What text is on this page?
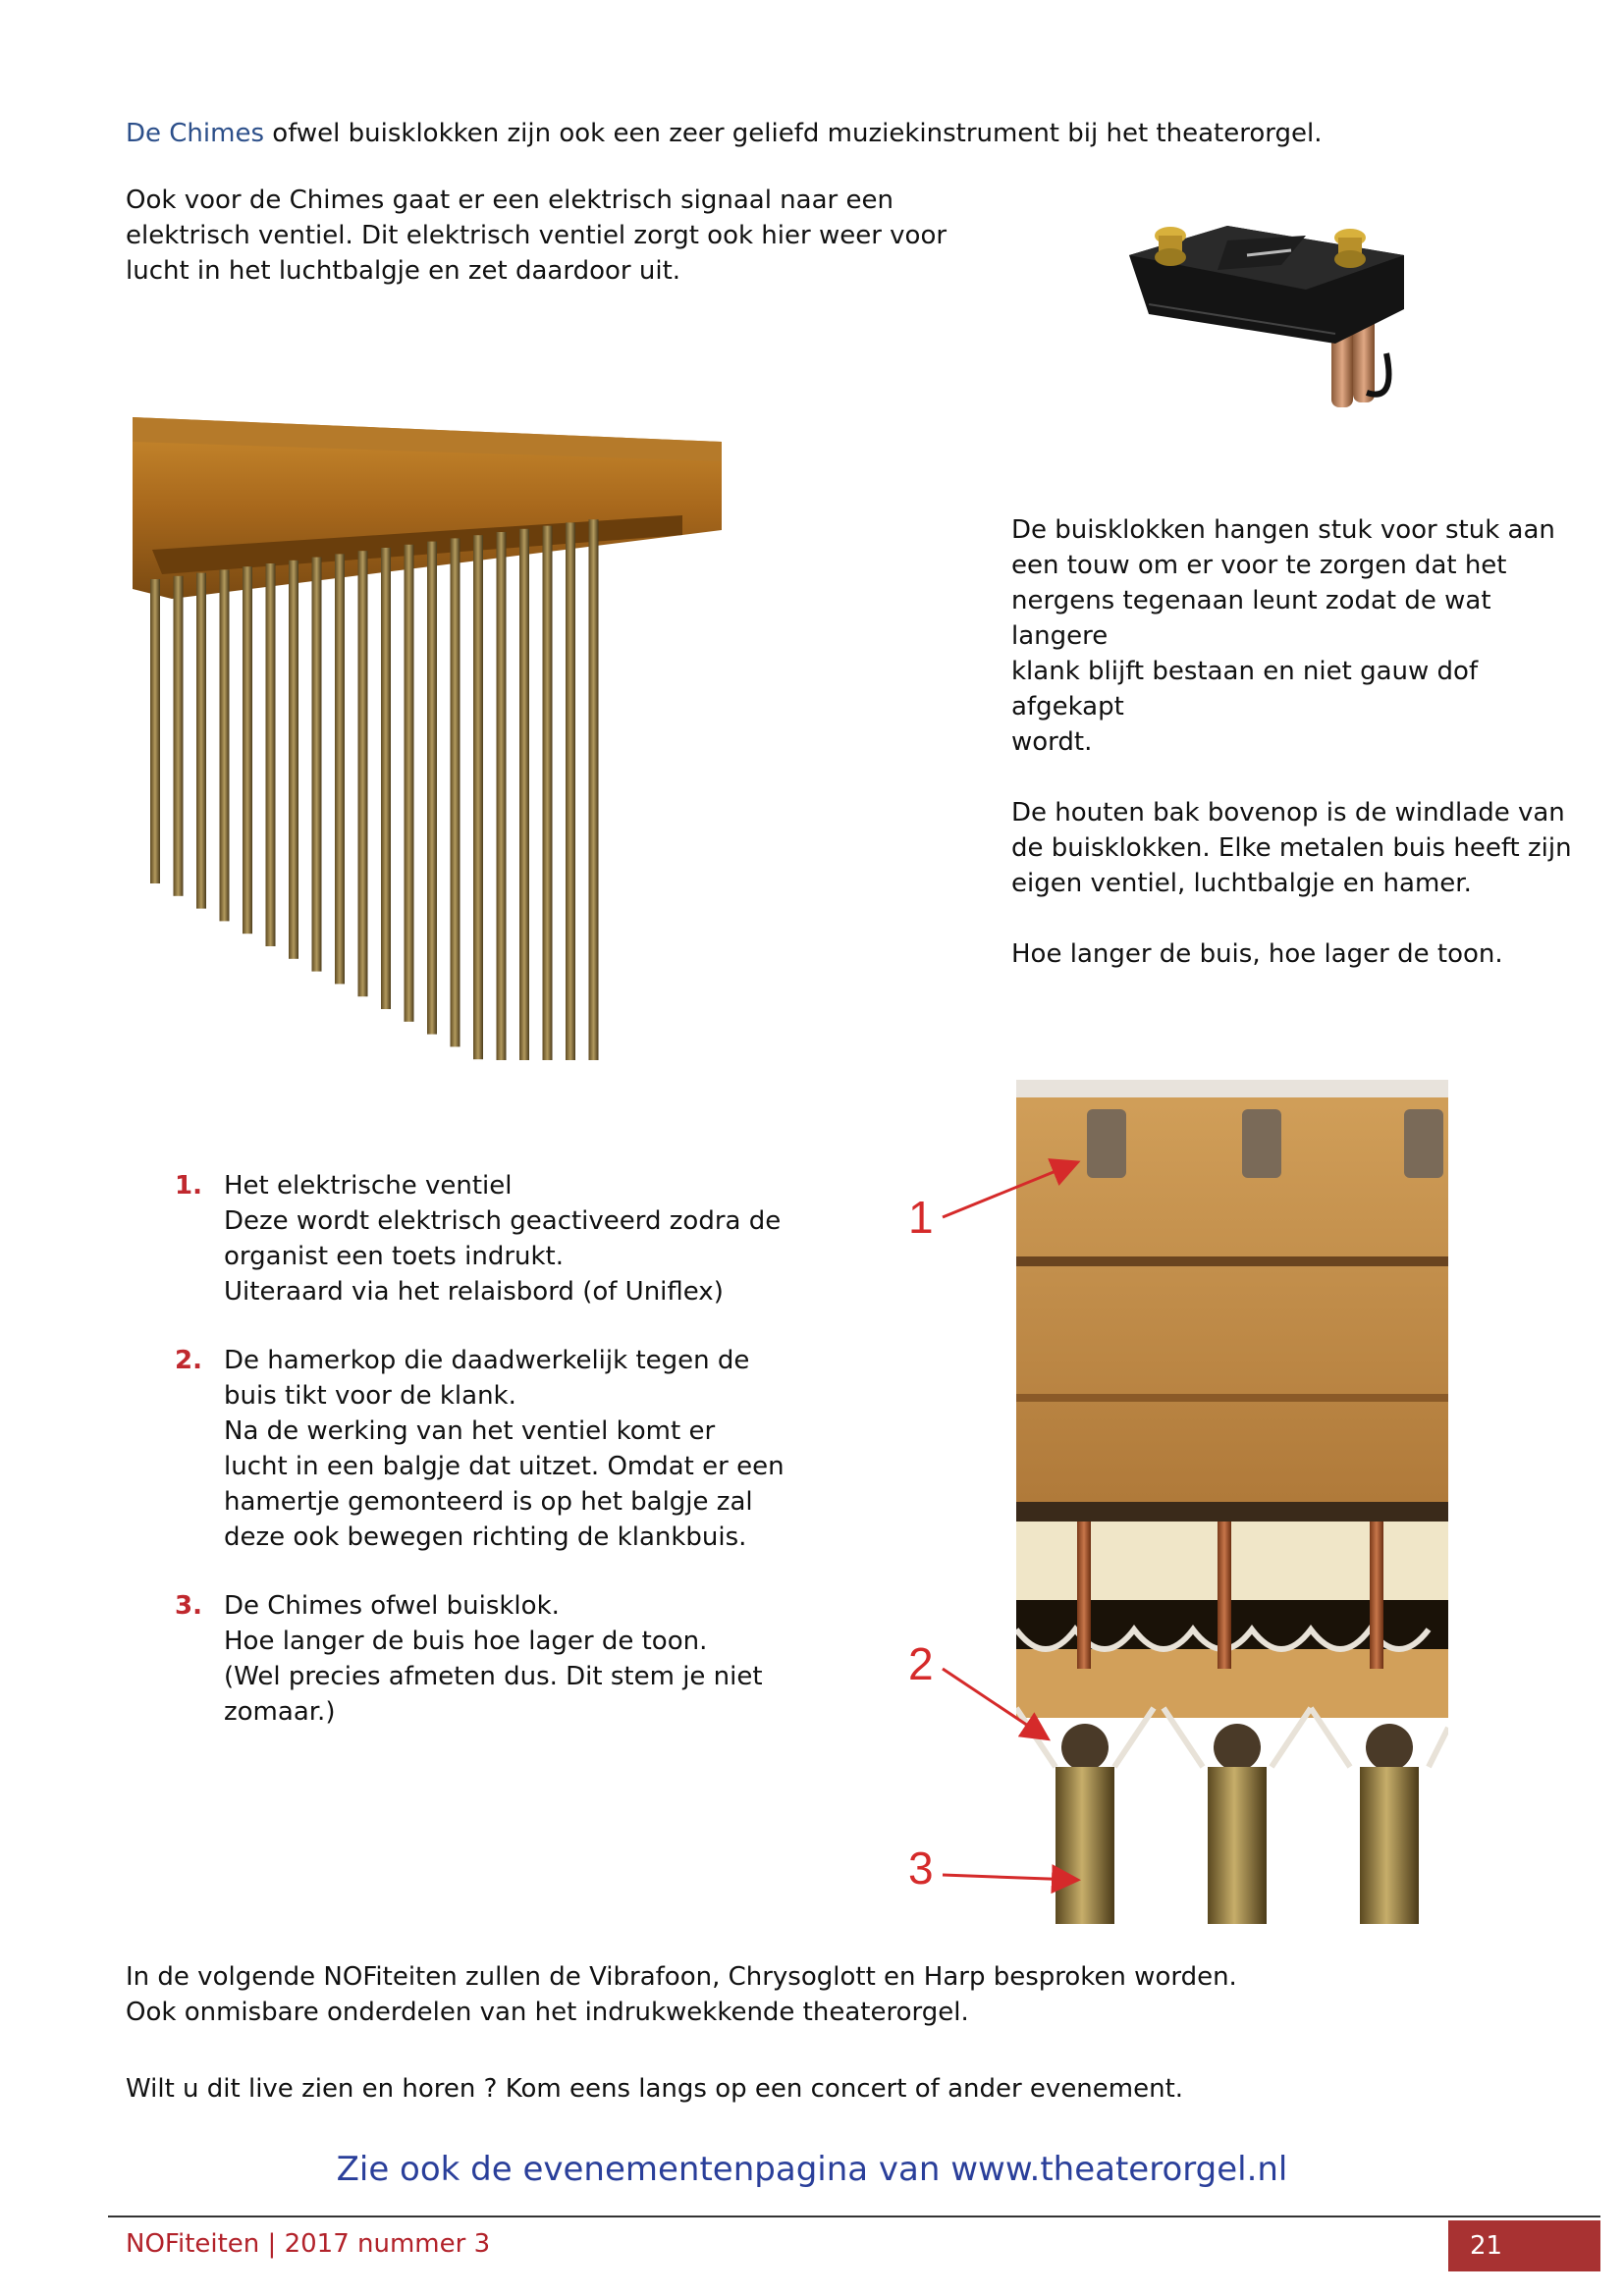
De Chimes ofwel buisklokken zijn ook een zeer geliefd muziekinstrument bij het theaterorgel.
Ook voor de Chimes gaat er een elektrisch signaal naar een
elektrisch ventiel. Dit elektrisch ventiel zorgt ook hier weer voor
lucht in het luchtbalgje en zet daardoor uit.
De buisklokken hangen stuk voor stuk aan
een touw om er voor te zorgen dat het
nergens tegenaan leunt zodat de wat langere
klank blijft bestaan en niet gauw dof afgekapt
wordt.
De houten bak bovenop is de windlade van
de buisklokken. Elke metalen buis heeft zijn
eigen ventiel, luchtbalgje en hamer.
Hoe langer de buis, hoe lager de toon.
1. Het elektrische ventiel
Deze wordt elektrisch geactiveerd zodra de
organist een toets indrukt.
Uiteraard via het relaisbord (of Uniflex)
2. De hamerkop die daadwerkelijk tegen de
buis tikt voor de klank.
Na de werking van het ventiel komt er
lucht in een balgje dat uitzet. Omdat er een
hamertje gemonteerd is op het balgje zal
deze ook bewegen richting de klankbuis.
3. De Chimes ofwel buisklok.
Hoe langer de buis hoe lager de toon.
(Wel precies afmeten dus. Dit stem je niet
zomaar.)
1
2
3
In de volgende NOFiteiten zullen de Vibrafoon, Chrysoglott en Harp besproken worden.
Ook onmisbare onderdelen van het indrukwekkende theaterorgel.
Wilt u dit live zien en horen ? Kom eens langs op een concert of ander evenement.
Zie ook de evenementenpagina van www.theaterorgel.nl
NOFiteiten | 2017 nummer 3	21
